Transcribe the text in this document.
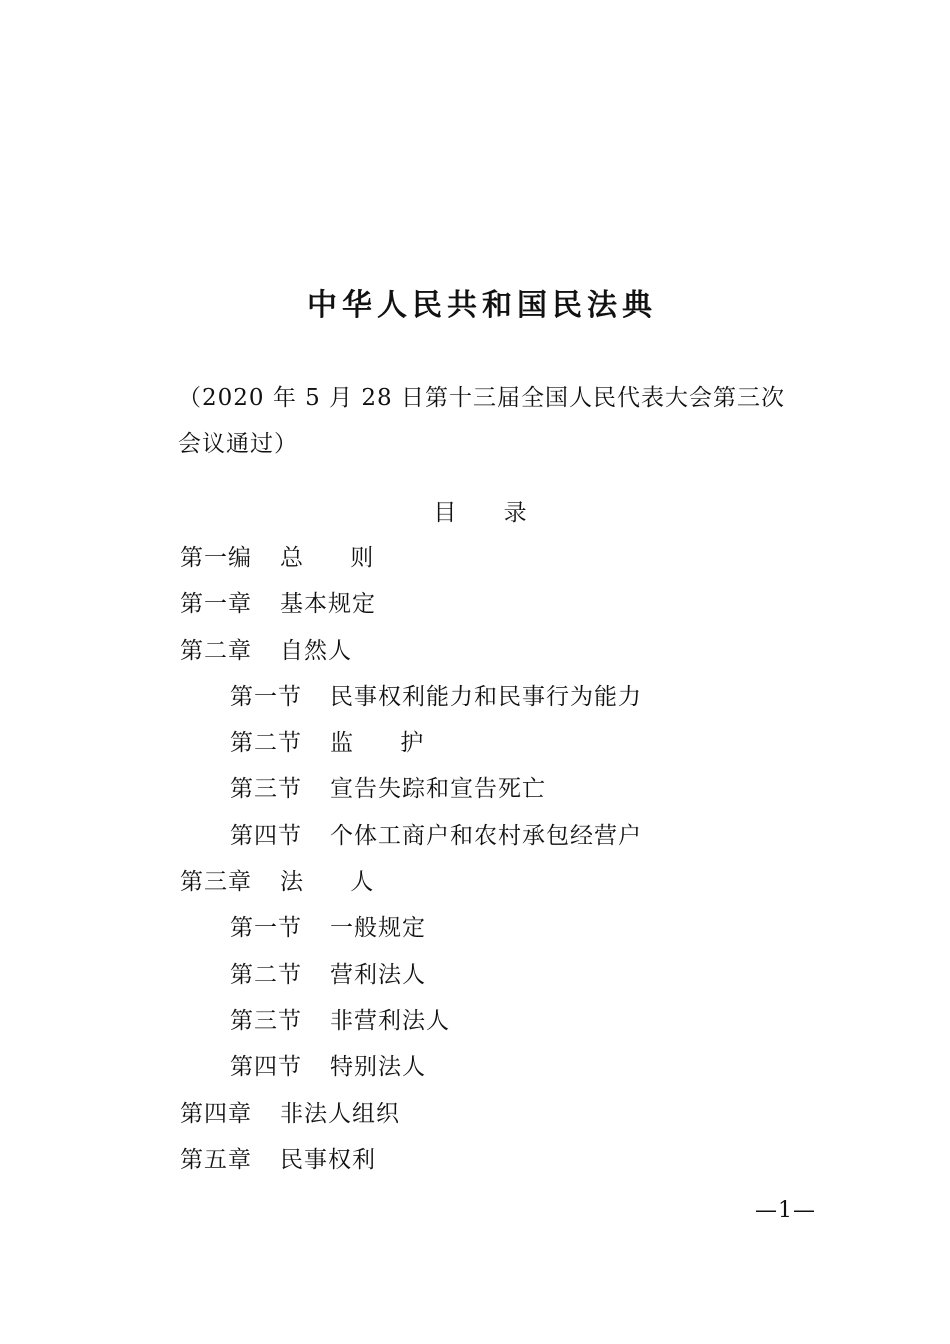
中华人民共和国民法典

（2020 年 5 月 28 日第十三届全国人民代表大会第三次会议通过）

目 录
第一编	总 则
第一章	基本规定
第二章	自然人
第一节	民事权利能力和民事行为能力
第二节	监 护
第三节	宣告失踪和宣告死亡
第四节	个体工商户和农村承包经营户
第三章	法 人
第一节	一般规定
第二节	营利法人
第三节	非营利法人
第四节	特别法人
第四章	非法人组织
第五章	民事权利
—1—
